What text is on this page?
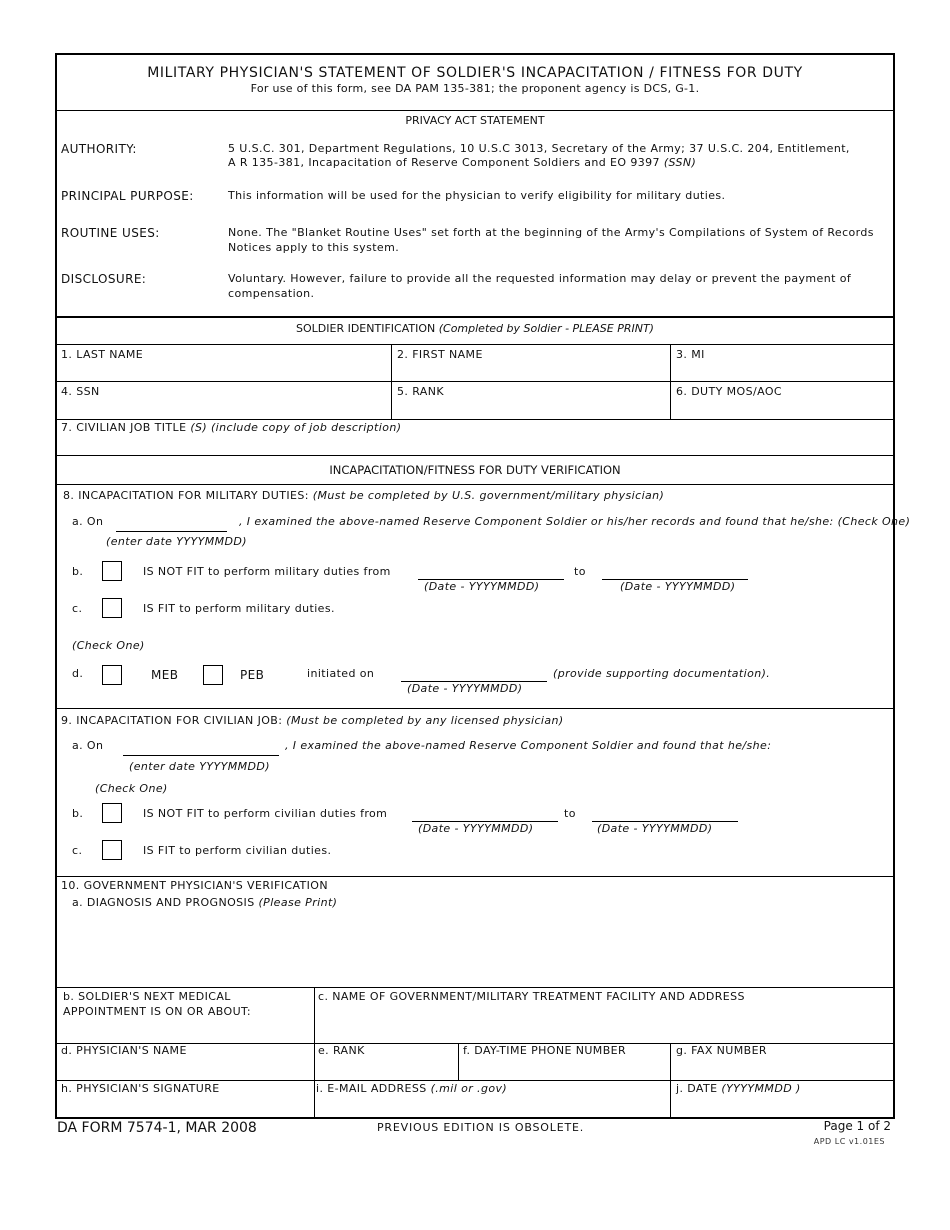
MILITARY PHYSICIAN'S STATEMENT OF SOLDIER'S INCAPACITATION / FITNESS FOR DUTY
For use of this form, see DA PAM 135-381; the proponent agency is DCS, G-1.
PRIVACY ACT STATEMENT
AUTHORITY:	5 U.S.C. 301, Department Regulations, 10 U.S.C 3013, Secretary of the Army; 37 U.S.C. 204, Entitlement,
A R 135-381, Incapacitation of Reserve Component Soldiers and EO 9397 (SSN)
PRINCIPAL PURPOSE:	This information will be used for the physician to verify eligibility for military duties.
ROUTINE USES:	None. The "Blanket Routine Uses" set forth at the beginning of the Army's Compilations of System of Records
Notices apply to this system.
DISCLOSURE:	Voluntary. However, failure to provide all the requested information may delay or prevent the payment of
compensation.
SOLDIER IDENTIFICATION (Completed by Soldier - PLEASE PRINT)
1. LAST NAME	2. FIRST NAME	3. MI
4. SSN	5. RANK	6. DUTY MOS/AOC
7. CIVILIAN JOB TITLE (S) (include copy of job description)
INCAPACITATION/FITNESS FOR DUTY VERIFICATION
8. INCAPACITATION FOR MILITARY DUTIES: (Must be completed by U.S. government/military physician)
a. On	, I examined the above-named Reserve Component Soldier or his/her records and found that he/she: (Check One)
(enter date YYYYMMDD)
b.	IS NOT FIT to perform military duties from
(Date - YYYYMMDD)
to
(Date - YYYYMMDD)
c.	IS FIT to perform military duties.
(Check One)
d.	MEB	PEB	initiated on
(Date - YYYYMMDD)
(provide supporting documentation).
9. INCAPACITATION FOR CIVILIAN JOB: (Must be completed by any licensed physician)
a. On	, I examined the above-named Reserve Component Soldier and found that he/she:
(enter date YYYYMMDD)
(Check One)
b.	IS NOT FIT to perform civilian duties from
(Date - YYYYMMDD)
to
(Date - YYYYMMDD)
c.	IS FIT to perform civilian duties.
10. GOVERNMENT PHYSICIAN'S VERIFICATION
a. DIAGNOSIS AND PROGNOSIS (Please Print)
b. SOLDIER'S NEXT MEDICAL
APPOINTMENT IS ON OR ABOUT:
c. NAME OF GOVERNMENT/MILITARY TREATMENT FACILITY AND ADDRESS
d. PHYSICIAN'S NAME	e. RANK	f. DAY-TIME PHONE NUMBER	g. FAX NUMBER
h. PHYSICIAN'S SIGNATURE	i. E-MAIL ADDRESS (.mil or .gov)	j. DATE (YYYYMMDD )
DA FORM 7574-1, MAR 2008	PREVIOUS EDITION IS OBSOLETE.	Page 1 of 2
APD LC v1.01ES
